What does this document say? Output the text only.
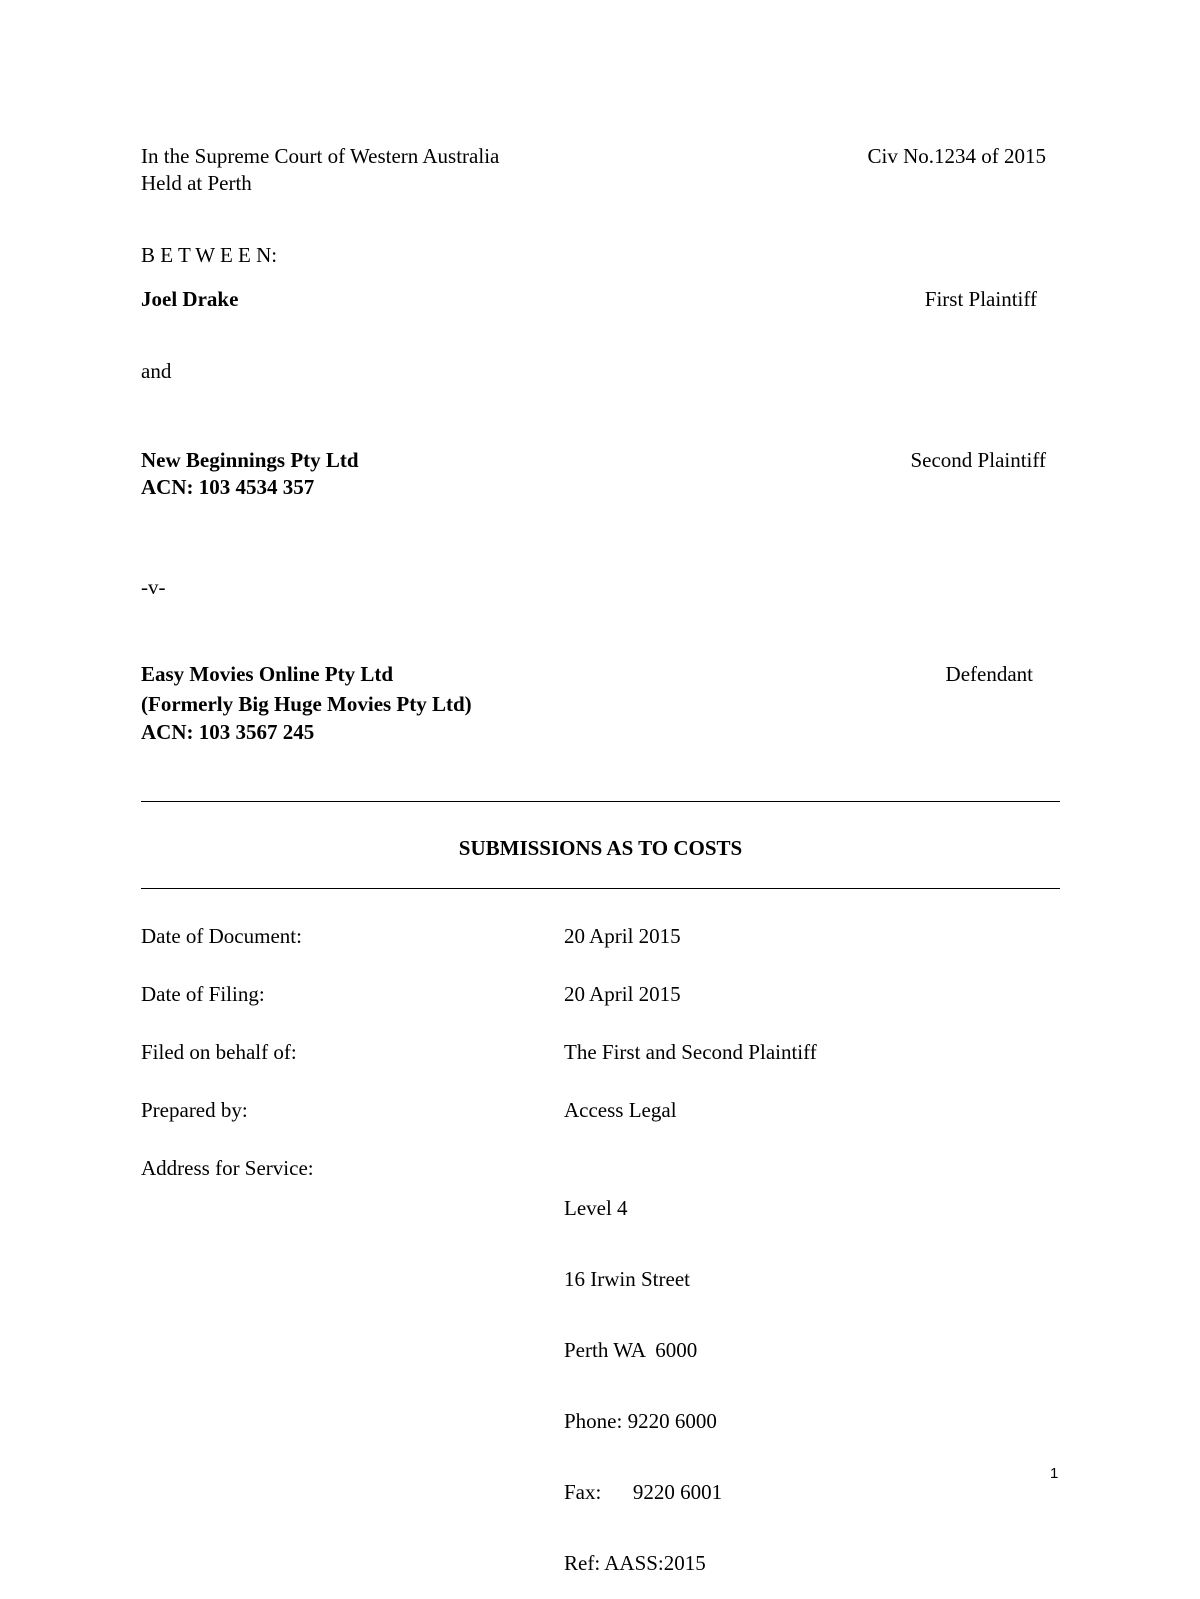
In the Supreme Court of Western Australia
Held at Perth
Civ No.1234 of 2015
B E T W E E N:
Joel Drake	First Plaintiff
and
New Beginnings Pty Ltd
ACN: 103 4534 357
Second Plaintiff
-v-
Easy Movies Online Pty Ltd
(Formerly Big Huge Movies Pty Ltd)
ACN: 103 3567 245
Defendant
SUBMISSIONS AS TO COSTS
Date of Document:	20 April 2015
Date of Filing:	20 April 2015
Filed on behalf of:	The First and Second Plaintiff
Prepared by:	Access Legal
Address for Service:

Level 4

16 Irwin Street

Perth WA  6000

Phone: 9220 6000

Fax:      9220 6001

Ref: AASS:2015

1
